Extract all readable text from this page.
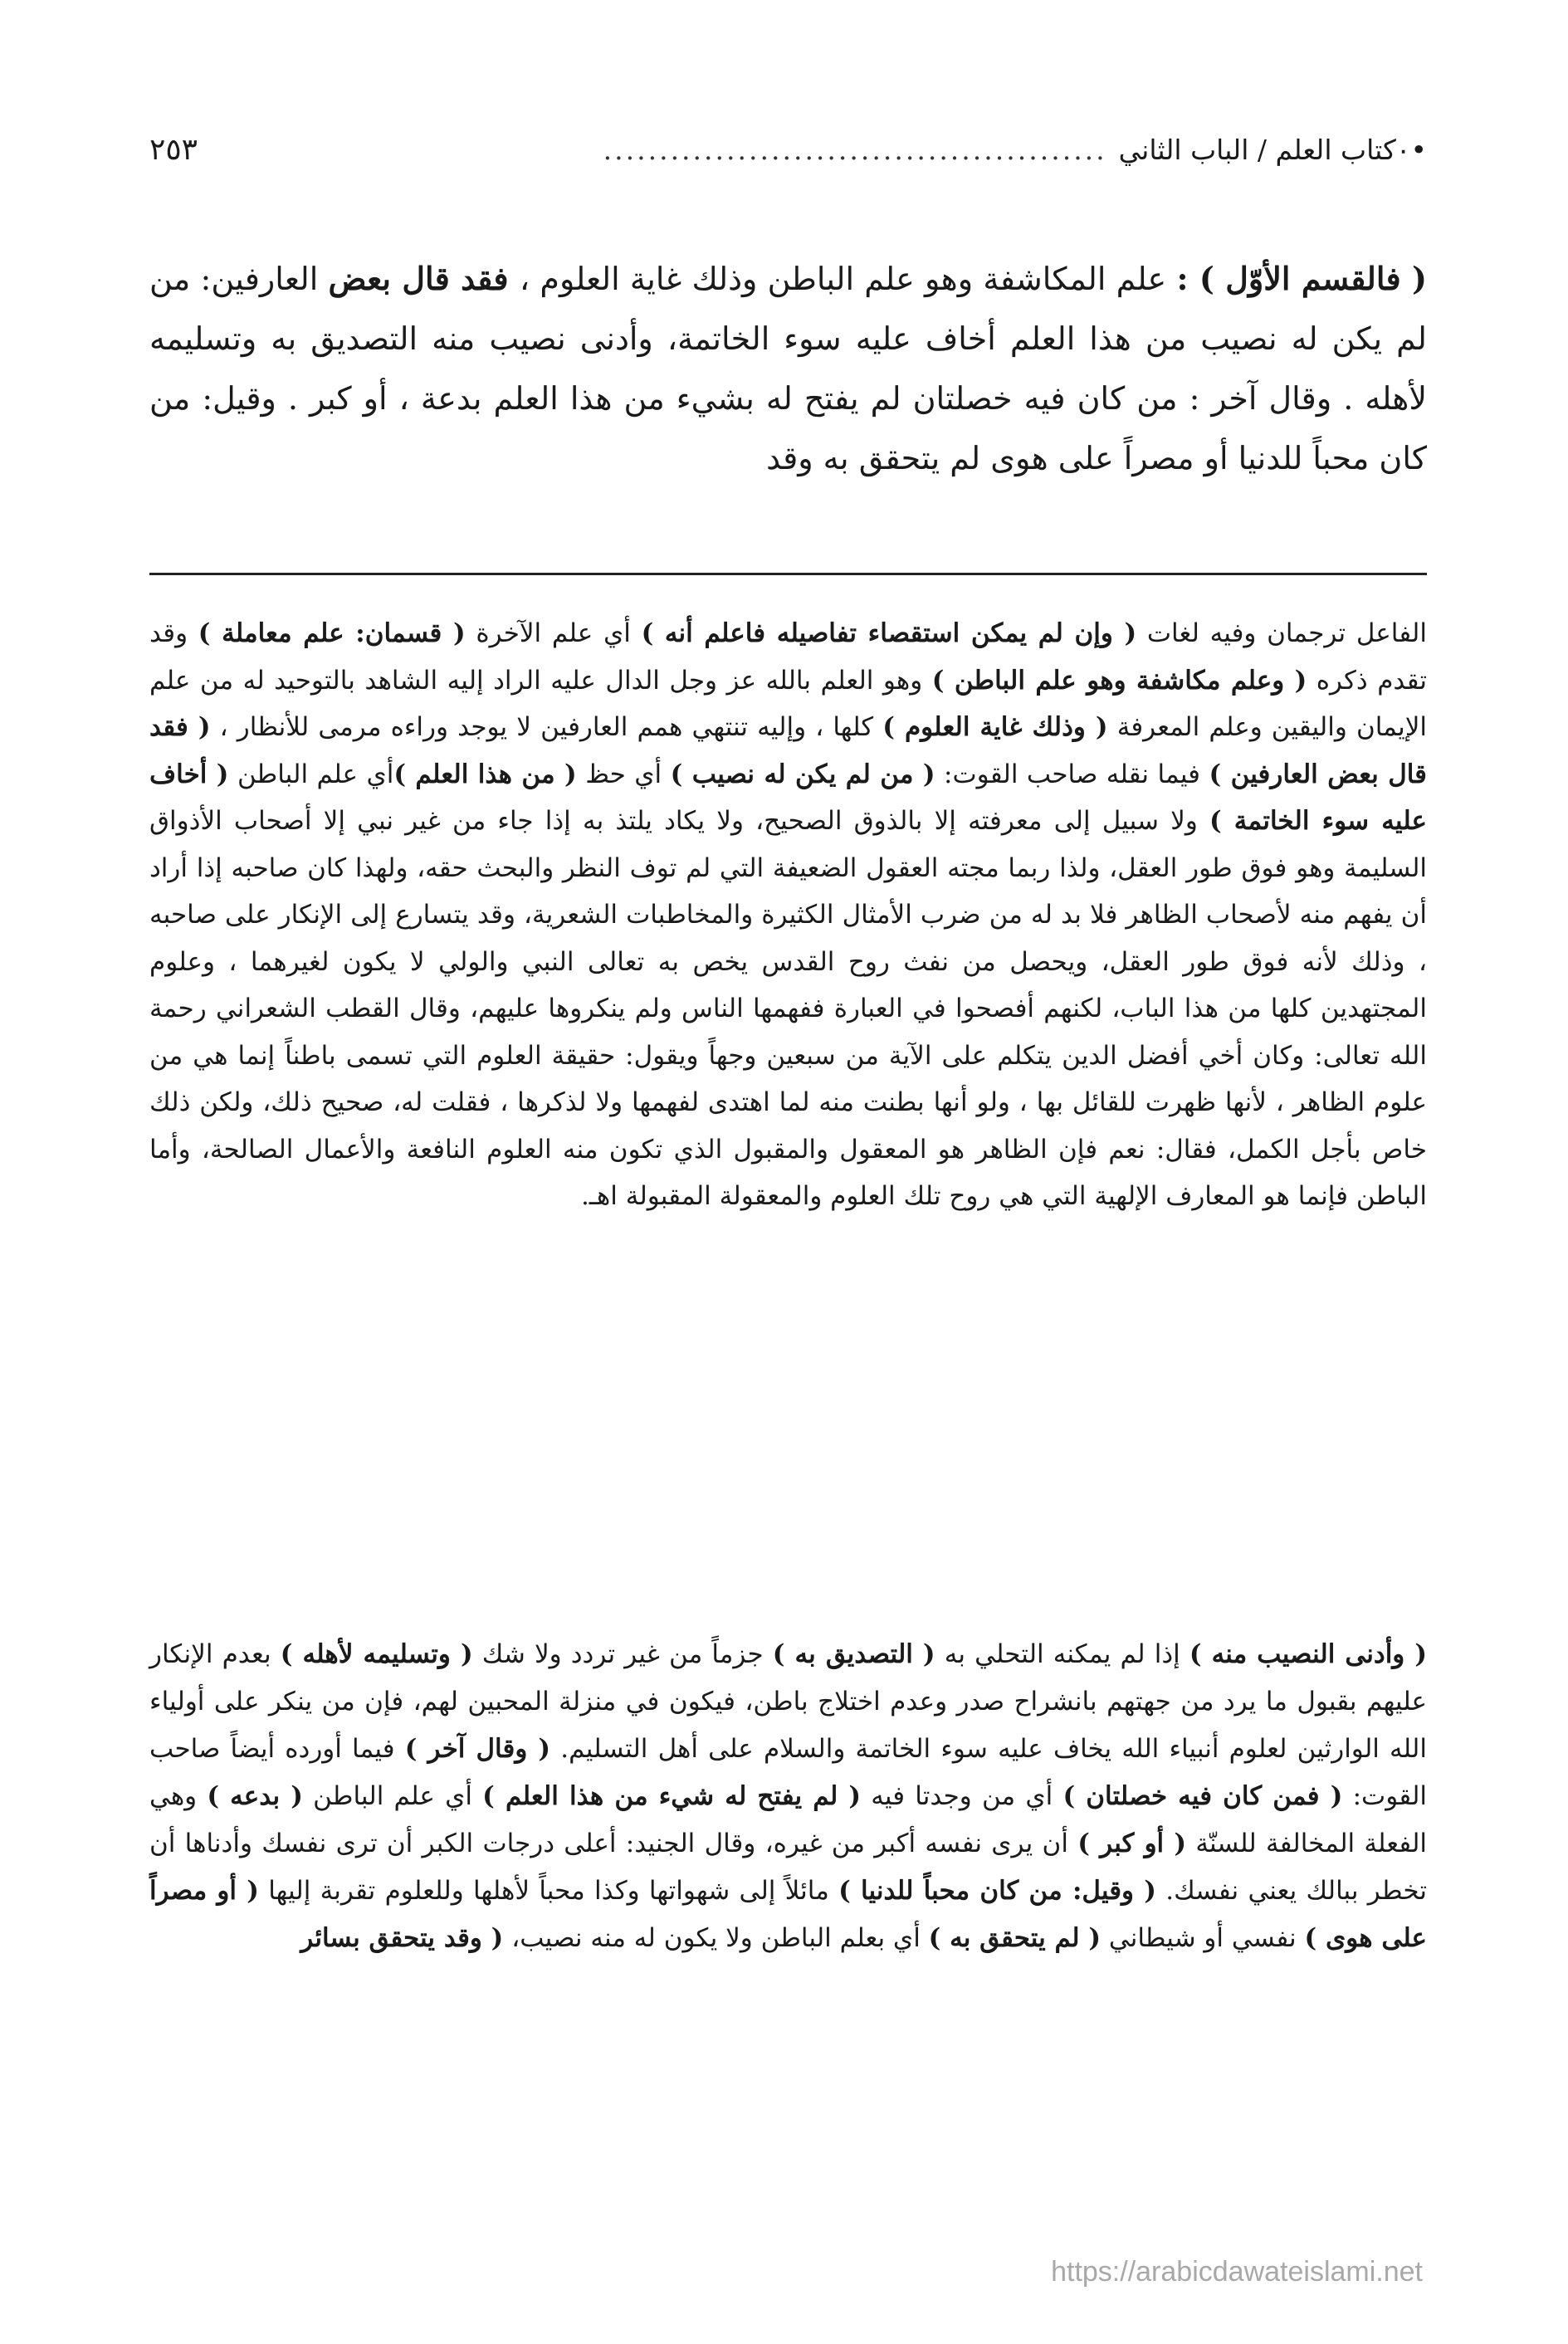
•٠كتاب العلم / الباب الثاني
.............................................
٢٥٣
( فالقسم الأوّل ) : علم المكاشفة وهو علم الباطن وذلك غاية العلوم ، فقد قال بعض العارفين: من لم يكن له نصيب من هذا العلم أخاف عليه سوء الخاتمة، وأدنى نصيب منه التصديق به وتسليمه لأهله . وقال آخر : من كان فيه خصلتان لم يفتح له بشيء من هذا العلم بدعة ، أو كبر . وقيل: من كان محباً للدنيا أو مصراً على هوى لم يتحقق به وقد
الفاعل ترجمان وفيه لغات ( وإن لم يمكن استقصاء تفاصيله فاعلم أنه ) أي علم الآخرة ( قسمان: علم معاملة ) وقد تقدم ذكره ( وعلم مكاشفة وهو علم الباطن ) وهو العلم بالله عز وجل الدال عليه الراد إليه الشاهد بالتوحيد له من علم الإيمان واليقين وعلم المعرفة ( وذلك غاية العلوم ) كلها ، وإليه تنتهي همم العارفين لا يوجد وراءه مرمى للأنظار ، ( فقد قال بعض العارفين ) فيما نقله صاحب القوت: ( من لم يكن له نصيب ) أي حظ ( من هذا العلم )أي علم الباطن ( أخاف عليه سوء الخاتمة ) ولا سبيل إلى معرفته إلا بالذوق الصحيح، ولا يكاد يلتذ به إذا جاء من غير نبي إلا أصحاب الأذواق السليمة وهو فوق طور العقل، ولذا ربما مجته العقول الضعيفة التي لم توف النظر والبحث حقه، ولهذا كان صاحبه إذا أراد أن يفهم منه لأصحاب الظاهر فلا بد له من ضرب الأمثال الكثيرة والمخاطبات الشعرية، وقد يتسارع إلى الإنكار على صاحبه ، وذلك لأنه فوق طور العقل، ويحصل من نفث روح القدس يخص به تعالى النبي والولي لا يكون لغيرهما ، وعلوم المجتهدين كلها من هذا الباب، لكنهم أفصحوا في العبارة ففهمها الناس ولم ينكروها عليهم، وقال القطب الشعراني رحمة الله تعالى: وكان أخي أفضل الدين يتكلم على الآية من سبعين وجهاً ويقول: حقيقة العلوم التي تسمى باطناً إنما هي من علوم الظاهر ، لأنها ظهرت للقائل بها ، ولو أنها بطنت منه لما اهتدى لفهمها ولا لذكرها ، فقلت له، صحيح ذلك، ولكن ذلك خاص بأجل الكمل، فقال: نعم فإن الظاهر هو المعقول والمقبول الذي تكون منه العلوم النافعة والأعمال الصالحة، وأما الباطن فإنما هو المعارف الإلهية التي هي روح تلك العلوم والمعقولة المقبولة اهـ.
( وأدنى النصيب منه ) إذا لم يمكنه التحلي به ( التصديق به ) جزماً من غير تردد ولا شك ( وتسليمه لأهله ) بعدم الإنكار عليهم بقبول ما يرد من جهتهم بانشراح صدر وعدم اختلاج باطن، فيكون في منزلة المحبين لهم، فإن من ينكر على أولياء الله الوارثين لعلوم أنبياء الله يخاف عليه سوء الخاتمة والسلام على أهل التسليم. ( وقال آخر ) فيما أورده أيضاً صاحب القوت: ( فمن كان فيه خصلتان ) أي من وجدتا فيه ( لم يفتح له شيء من هذا العلم ) أي علم الباطن ( بدعه ) وهي الفعلة المخالفة للسنّة ( أو كبر ) أن يرى نفسه أكبر من غيره، وقال الجنيد: أعلى درجات الكبر أن ترى نفسك وأدناها أن تخطر ببالك يعني نفسك. ( وقيل: من كان محباً للدنيا ) مائلاً إلى شهواتها وكذا محباً لأهلها وللعلوم تقربة إليها ( أو مصراً على هوى ) نفسي أو شيطاني ( لم يتحقق به ) أي بعلم الباطن ولا يكون له منه نصيب، ( وقد يتحقق بسائر
https://arabicdawateislami.net
